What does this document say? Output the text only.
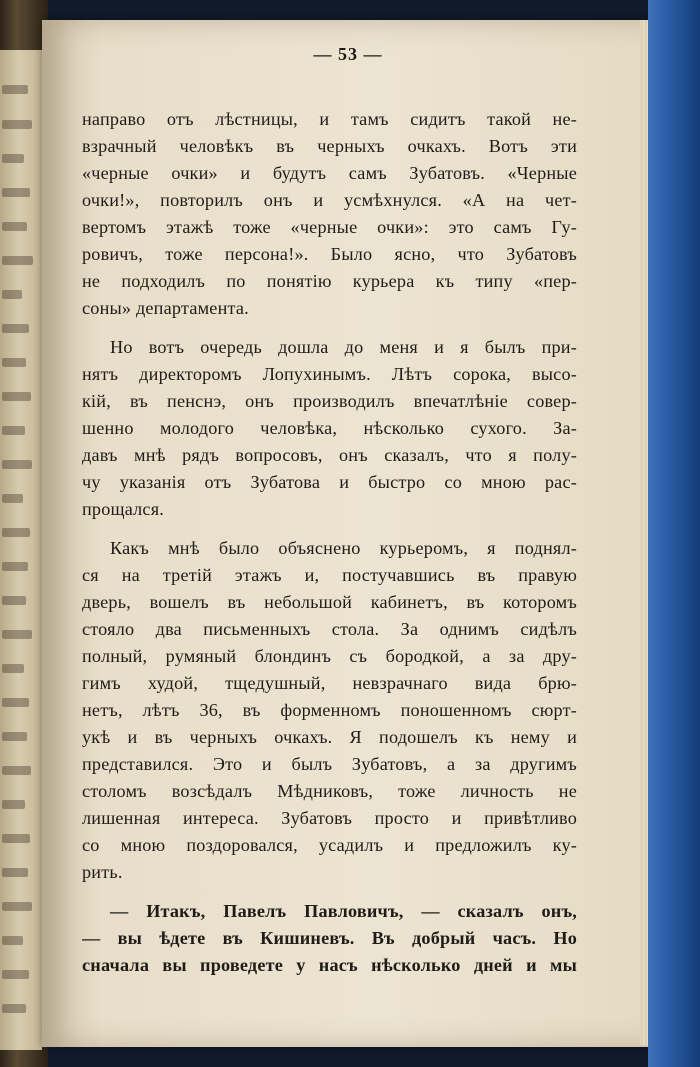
— 53 —
направо отъ лѣстницы, и тамъ сидитъ такой не-
взрачный человѣкъ въ черныхъ очкахъ. Вотъ эти
«черные очки» и будутъ самъ Зубатовъ. «Черные
очки!», повторилъ онъ и усмѣхнулся. «А на чет-
вертомъ этажѣ тоже «черные очки»: это самъ Гу-
ровичъ, тоже персона!». Было ясно, что Зубатовъ
не подходилъ по понятію курьера къ типу «пер-
соны» департамента.
Но вотъ очередь дошла до меня и я былъ при-
нятъ директоромъ Лопухинымъ. Лѣтъ сорока, высо-
кій, въ пенснэ, онъ производилъ впечатлѣніе совер-
шенно молодого человѣка, нѣсколько сухого. За-
давъ мнѣ рядъ вопросовъ, онъ сказалъ, что я полу-
чу указанія отъ Зубатова и быстро со мною рас-
прощался.
Какъ мнѣ было объяснено курьеромъ, я поднял-
ся на третій этажъ и, постучавшись въ правую
дверь, вошелъ въ небольшой кабинетъ, въ которомъ
стояло два письменныхъ стола. За однимъ сидѣлъ
полный, румяный блондинъ съ бородкой, а за дру-
гимъ худой, тщедушный, невзрачнаго вида брю-
нетъ, лѣтъ 36, въ форменномъ поношенномъ сюрт-
укѣ и въ черныхъ очкахъ. Я подошелъ къ нему и
представился. Это и былъ Зубатовъ, а за другимъ
столомъ возсѣдалъ Мѣдниковъ, тоже личность не
лишенная интереса. Зубатовъ просто и привѣтливо
со мною поздоровался, усадилъ и предложилъ ку-
рить.
— Итакъ, Павелъ Павловичъ, — сказалъ онъ,
— вы ѣдете въ Кишиневъ. Въ добрый часъ. Но
сначала вы проведете у насъ нѣсколько дней и мы
